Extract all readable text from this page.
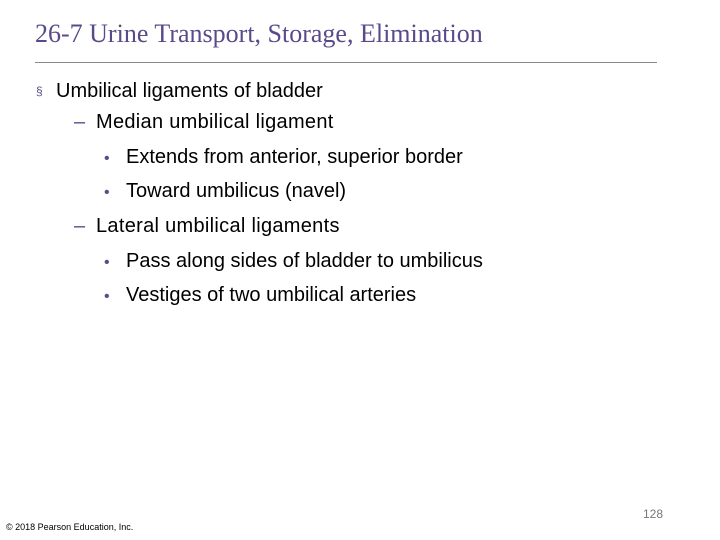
26-7 Urine Transport, Storage, Elimination
§ Umbilical ligaments of bladder
– Median umbilical ligament
• Extends from anterior, superior border
• Toward umbilicus (navel)
– Lateral umbilical ligaments
• Pass along sides of bladder to umbilicus
• Vestiges of two umbilical arteries
128
© 2018 Pearson Education, Inc.
